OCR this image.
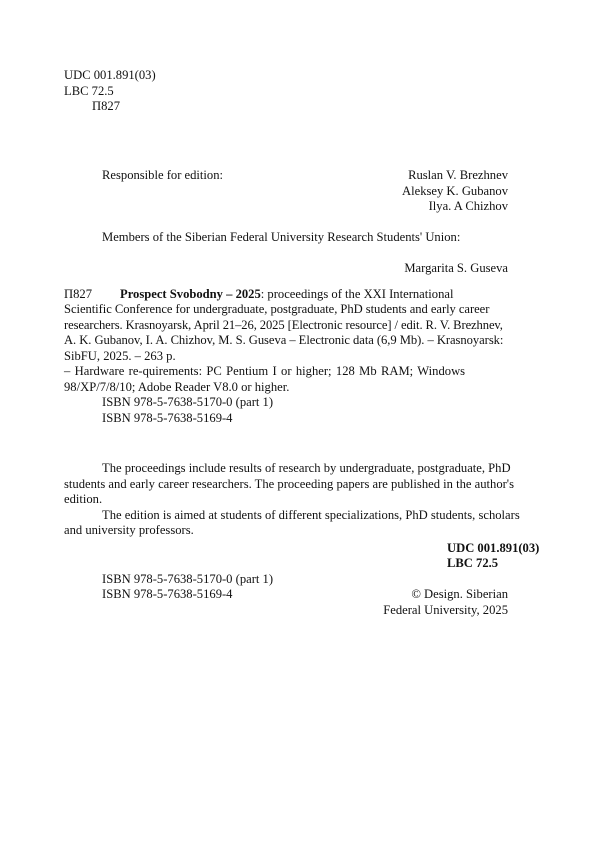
UDC 001.891(03)
LBC 72.5
П827
Responsible for edition:	Ruslan V. Brezhnev
Aleksey K. Gubanov
Ilya. A Chizhov
Members of the Siberian Federal University Research Students' Union:
Margarita S. Guseva
П827 Prospect Svobodny – 2025: proceedings of the XXI International
Scientific Conference for undergraduate, postgraduate, PhD students and early career
researchers. Krasnoyarsk, April 21–26, 2025 [Electronic resource] / edit. R. V. Brezhnev,
A. K. Gubanov, I. A. Chizhov, M. S. Guseva – Electronic data (6,9 Mb). – Krasnoyarsk:
SibFU, 2025. – 263 p.
– Hardware re-quirements: PC Pentium I or higher; 128 Mb RAM; Windows
98/XP/7/8/10; Adobe Reader V8.0 or higher.
ISBN 978-5-7638-5170-0 (part 1)
ISBN 978-5-7638-5169-4
The proceedings include results of research by undergraduate, postgraduate, PhD
students and early career researchers. The proceeding papers are published in the author's
edition.
The edition is aimed at students of different specializations, PhD students, scholars
and university professors.
UDC 001.891(03)
LBC 72.5
ISBN 978-5-7638-5170-0 (part 1)
ISBN 978-5-7638-5169-4	© Design. Siberian
Federal University, 2025
